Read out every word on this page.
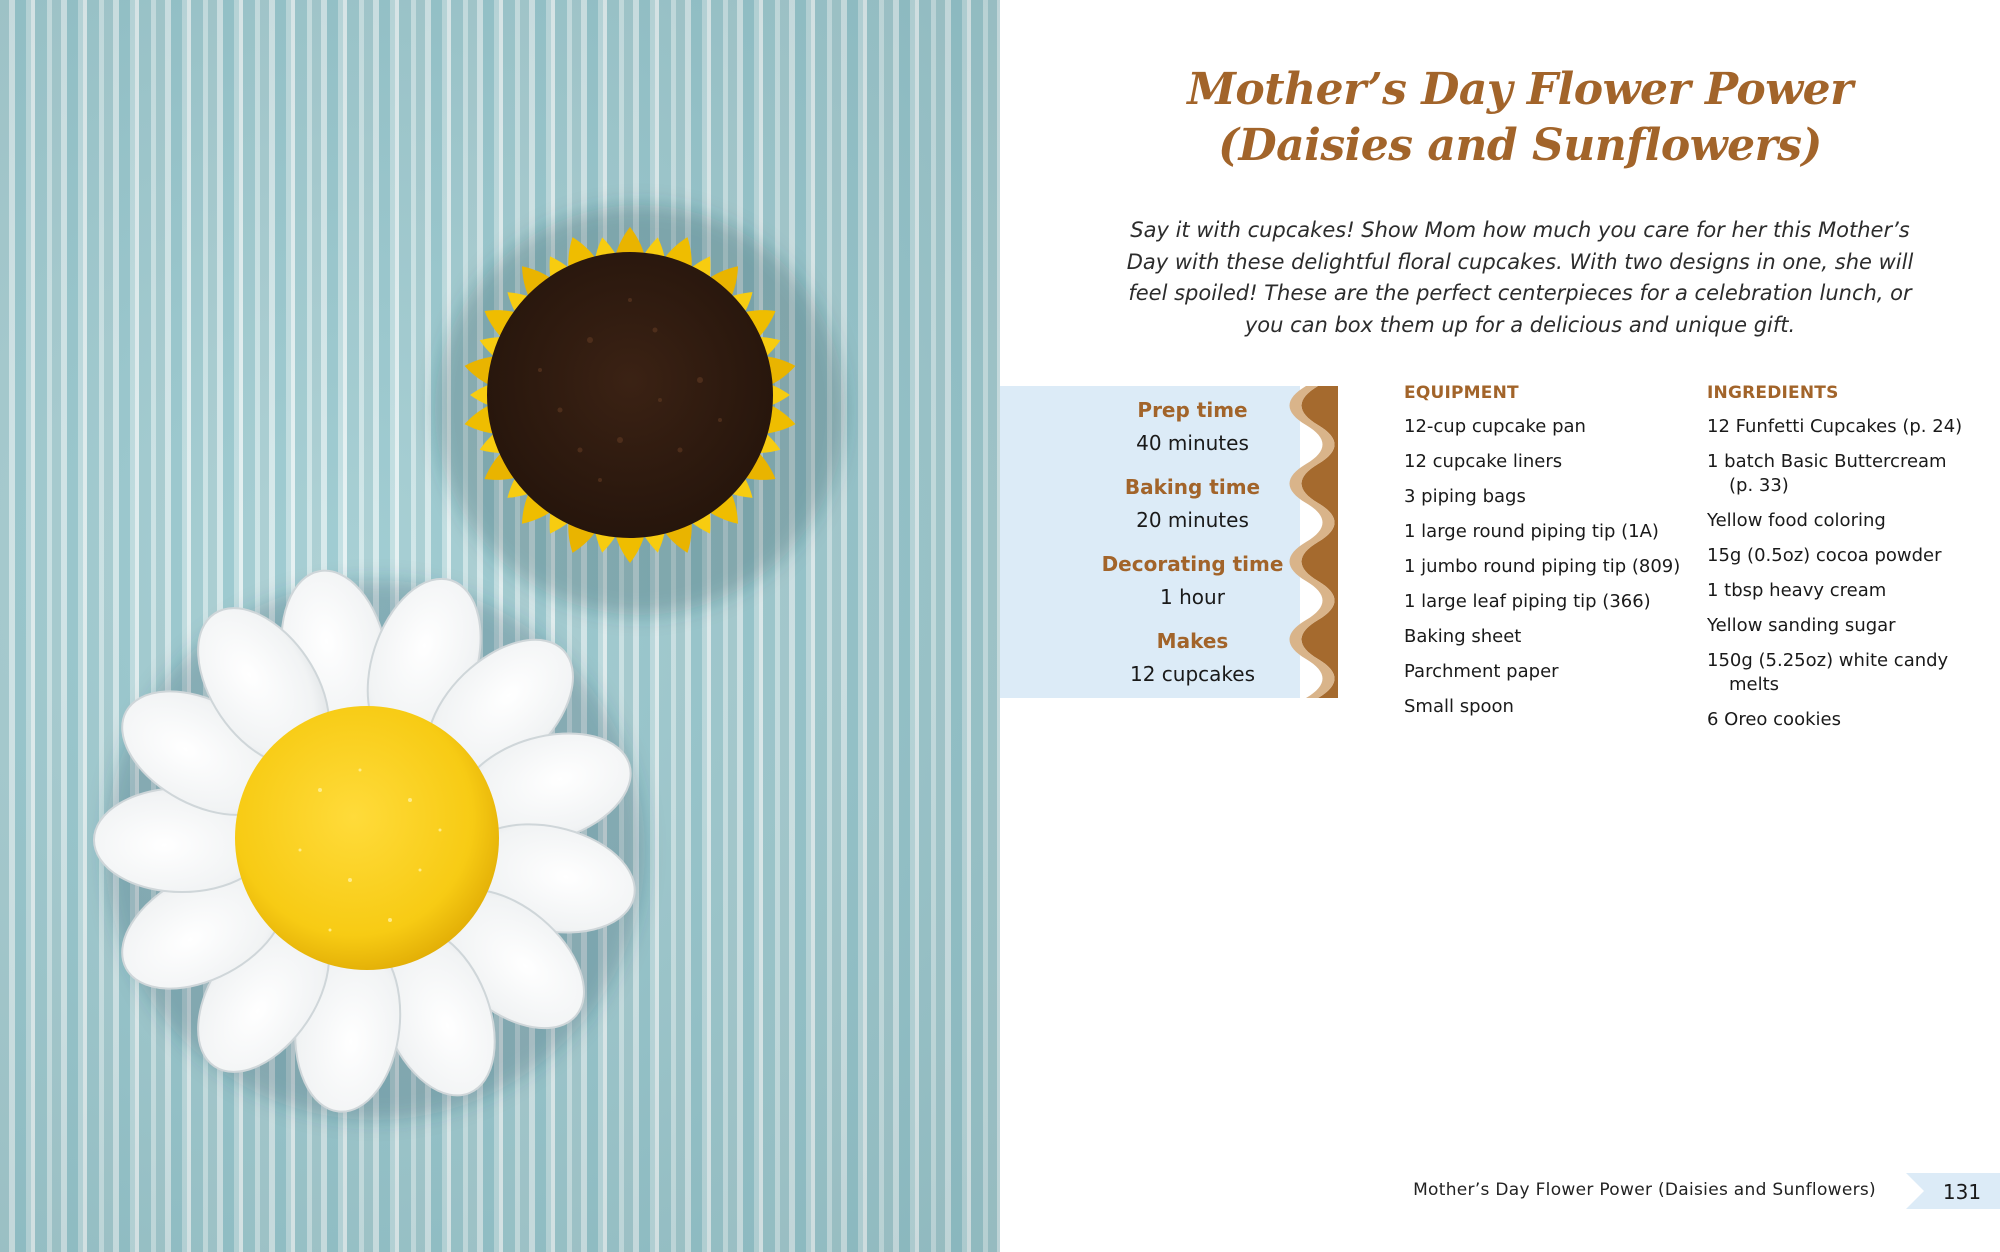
Mother’s Day Flower Power
(Daisies and Sunflowers)
Say it with cupcakes! Show Mom how much you care for her this Mother’s Day with these delightful floral cupcakes. With two designs in one, she will feel spoiled! These are the perfect centerpieces for a celebration lunch, or you can box them up for a delicious and unique gift.
Prep time
40 minutes
Baking time
20 minutes
Decorating time
1 hour
Makes
12 cupcakes
EQUIPMENT
12-cup cupcake pan
12 cupcake liners
3 piping bags
1 large round piping tip (1A)
1 jumbo round piping tip (809)
1 large leaf piping tip (366)
Baking sheet
Parchment paper
Small spoon
INGREDIENTS
12 Funfetti Cupcakes (p. 24)
1 batch Basic Buttercream (p. 33)
Yellow food coloring
15g (0.5oz) cocoa powder
1 tbsp heavy cream
Yellow sanding sugar
150g (5.25oz) white candy melts
6 Oreo cookies
Mother’s Day Flower Power (Daisies and Sunflowers)	131
